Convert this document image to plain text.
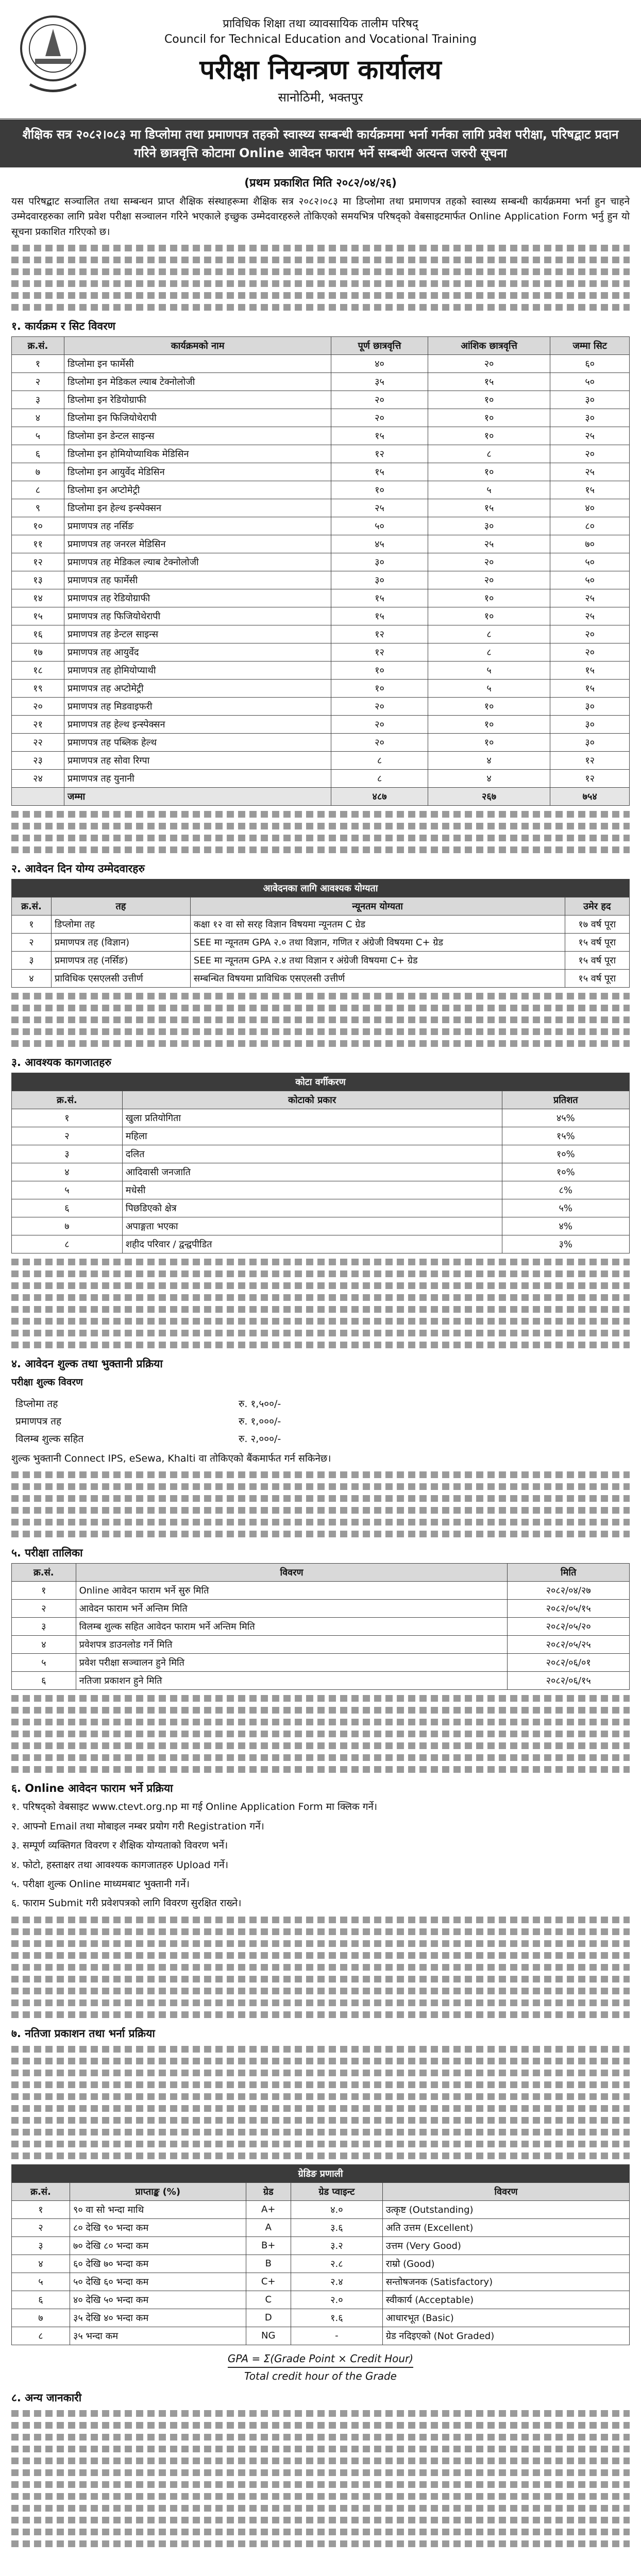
प्राविधिक शिक्षा तथा व्यावसायिक तालीम परिषद्
Council for Technical Education and Vocational Training
परीक्षा नियन्त्रण कार्यालय
सानोठिमी, भक्तपुर
शैक्षिक सत्र २०८२।०८३ मा डिप्लोमा तथा प्रमाणपत्र तहको स्वास्थ्य सम्बन्धी कार्यक्रममा भर्ना गर्नका लागि प्रवेश परीक्षा, परिषद्बाट प्रदान गरिने छात्रवृत्ति कोटामा Online आवेदन फाराम भर्ने सम्बन्धी अत्यन्त जरुरी सूचना
(प्रथम प्रकाशित मिति २०८२/०४/२६)
यस परिषद्बाट सञ्चालित तथा सम्बन्धन प्राप्त शैक्षिक संस्थाहरूमा शैक्षिक सत्र २०८२।०८३ मा डिप्लोमा तथा प्रमाणपत्र तहको स्वास्थ्य सम्बन्धी कार्यक्रममा भर्ना हुन चाहने उम्मेदवारहरुका लागि प्रवेश परीक्षा सञ्चालन गरिने भएकाले इच्छुक उम्मेदवारहरुले तोकिएको समयभित्र परिषद्को वेबसाइटमार्फत Online Application Form भर्नु हुन यो सूचना प्रकाशित गरिएको छ।
१. कार्यक्रम र सिट विवरण
क्र.सं.	कार्यक्रमको नाम	पूर्ण छात्रवृत्ति	आंशिक छात्रवृत्ति	जम्मा सिट
१	डिप्लोमा इन फार्मेसी	४०	२०	६०
२	डिप्लोमा इन मेडिकल ल्याब टेक्नोलोजी	३५	१५	५०
३	डिप्लोमा इन रेडियोग्राफी	२०	१०	३०
४	डिप्लोमा इन फिजियोथेरापी	२०	१०	३०
५	डिप्लोमा इन डेन्टल साइन्स	१५	१०	२५
६	डिप्लोमा इन होमियोप्याथिक मेडिसिन	१२	८	२०
७	डिप्लोमा इन आयुर्वेद मेडिसिन	१५	१०	२५
८	डिप्लोमा इन अप्टोमेट्री	१०	५	१५
९	डिप्लोमा इन हेल्थ इन्स्पेक्सन	२५	१५	४०
१०	प्रमाणपत्र तह नर्सिङ	५०	३०	८०
११	प्रमाणपत्र तह जनरल मेडिसिन	४५	२५	७०
१२	प्रमाणपत्र तह मेडिकल ल्याब टेक्नोलोजी	३०	२०	५०
१३	प्रमाणपत्र तह फार्मेसी	३०	२०	५०
१४	प्रमाणपत्र तह रेडियोग्राफी	१५	१०	२५
१५	प्रमाणपत्र तह फिजियोथेरापी	१५	१०	२५
१६	प्रमाणपत्र तह डेन्टल साइन्स	१२	८	२०
१७	प्रमाणपत्र तह आयुर्वेद	१२	८	२०
१८	प्रमाणपत्र तह होमियोप्याथी	१०	५	१५
१९	प्रमाणपत्र तह अप्टोमेट्री	१०	५	१५
२०	प्रमाणपत्र तह मिडवाइफरी	२०	१०	३०
२१	प्रमाणपत्र तह हेल्थ इन्स्पेक्सन	२०	१०	३०
२२	प्रमाणपत्र तह पब्लिक हेल्थ	२०	१०	३०
२३	प्रमाणपत्र तह सोवा रिग्पा	८	४	१२
२४	प्रमाणपत्र तह युनानी	८	४	१२
	जम्मा	४८७	२६७	७५४
२. आवेदन दिन योग्य उम्मेदवारहरु
आवेदनका लागि आवश्यक योग्यता			
क्र.सं.	तह	न्यूनतम योग्यता	उमेर हद
१	डिप्लोमा तह	कक्षा १२ वा सो सरह विज्ञान विषयमा न्यूनतम C ग्रेड	१७ वर्ष पूरा
२	प्रमाणपत्र तह (विज्ञान)	SEE मा न्यूनतम GPA २.० तथा विज्ञान, गणित र अंग्रेजी विषयमा C+ ग्रेड	१५ वर्ष पूरा
३	प्रमाणपत्र तह (नर्सिङ)	SEE मा न्यूनतम GPA २.४ तथा विज्ञान र अंग्रेजी विषयमा C+ ग्रेड	१५ वर्ष पूरा
४	प्राविधिक एसएलसी उत्तीर्ण	सम्बन्धित विषयमा प्राविधिक एसएलसी उत्तीर्ण	१५ वर्ष पूरा
३. आवश्यक कागजातहरु
कोटा वर्गीकरण		
क्र.सं.	कोटाको प्रकार	प्रतिशत
१	खुला प्रतियोगिता	४५%
२	महिला	१५%
३	दलित	१०%
४	आदिवासी जनजाति	१०%
५	मधेसी	८%
६	पिछडिएको क्षेत्र	५%
७	अपाङ्गता भएका	४%
८	शहीद परिवार / द्वन्द्वपीडित	३%
४. आवेदन शुल्क तथा भुक्तानी प्रक्रिया
परीक्षा शुल्क विवरण
डिप्लोमा तह	रु. १,५००/-
प्रमाणपत्र तह	रु. १,०००/-
विलम्ब शुल्क सहित	रु. २,०००/-
शुल्क भुक्तानी Connect IPS, eSewa, Khalti वा तोकिएको बैंकमार्फत गर्न सकिनेछ।
५. परीक्षा तालिका
क्र.सं.	विवरण	मिति
१	Online आवेदन फाराम भर्ने सुरु मिति	२०८२/०४/२७
२	आवेदन फाराम भर्ने अन्तिम मिति	२०८२/०५/१५
३	विलम्ब शुल्क सहित आवेदन फाराम भर्ने अन्तिम मिति	२०८२/०५/२०
४	प्रवेशपत्र डाउनलोड गर्ने मिति	२०८२/०५/२५
५	प्रवेश परीक्षा सञ्चालन हुने मिति	२०८२/०६/०१
६	नतिजा प्रकाशन हुने मिति	२०८२/०६/१५
६. Online आवेदन फाराम भर्ने प्रक्रिया
१. परिषद्को वेबसाइट www.ctevt.org.np मा गई Online Application Form मा क्लिक गर्ने।
२. आफ्नो Email तथा मोबाइल नम्बर प्रयोग गरी Registration गर्ने।
३. सम्पूर्ण व्यक्तिगत विवरण र शैक्षिक योग्यताको विवरण भर्ने।
४. फोटो, हस्ताक्षर तथा आवश्यक कागजातहरु Upload गर्ने।
५. परीक्षा शुल्क Online माध्यमबाट भुक्तानी गर्ने।
६. फाराम Submit गरी प्रवेशपत्रको लागि विवरण सुरक्षित राख्ने।
७. नतिजा प्रकाशन तथा भर्ना प्रक्रिया
ग्रेडिङ प्रणाली				
क्र.सं.	प्राप्ताङ्क (%)	ग्रेड	ग्रेड प्वाइन्ट	विवरण
१	९० वा सो भन्दा माथि	A+	४.०	उत्कृष्ट (Outstanding)
२	८० देखि ९० भन्दा कम	A	३.६	अति उत्तम (Excellent)
३	७० देखि ८० भन्दा कम	B+	३.२	उत्तम (Very Good)
४	६० देखि ७० भन्दा कम	B	२.८	राम्रो (Good)
५	५० देखि ६० भन्दा कम	C+	२.४	सन्तोषजनक (Satisfactory)
६	४० देखि ५० भन्दा कम	C	२.०	स्वीकार्य (Acceptable)
७	३५ देखि ४० भन्दा कम	D	१.६	आधारभूत (Basic)
८	३५ भन्दा कम	NG	-	ग्रेड नदिइएको (Not Graded)
GPA = Σ(Grade Point × Credit Hour)
Total credit hour of the Grade
८. अन्य जानकारी
